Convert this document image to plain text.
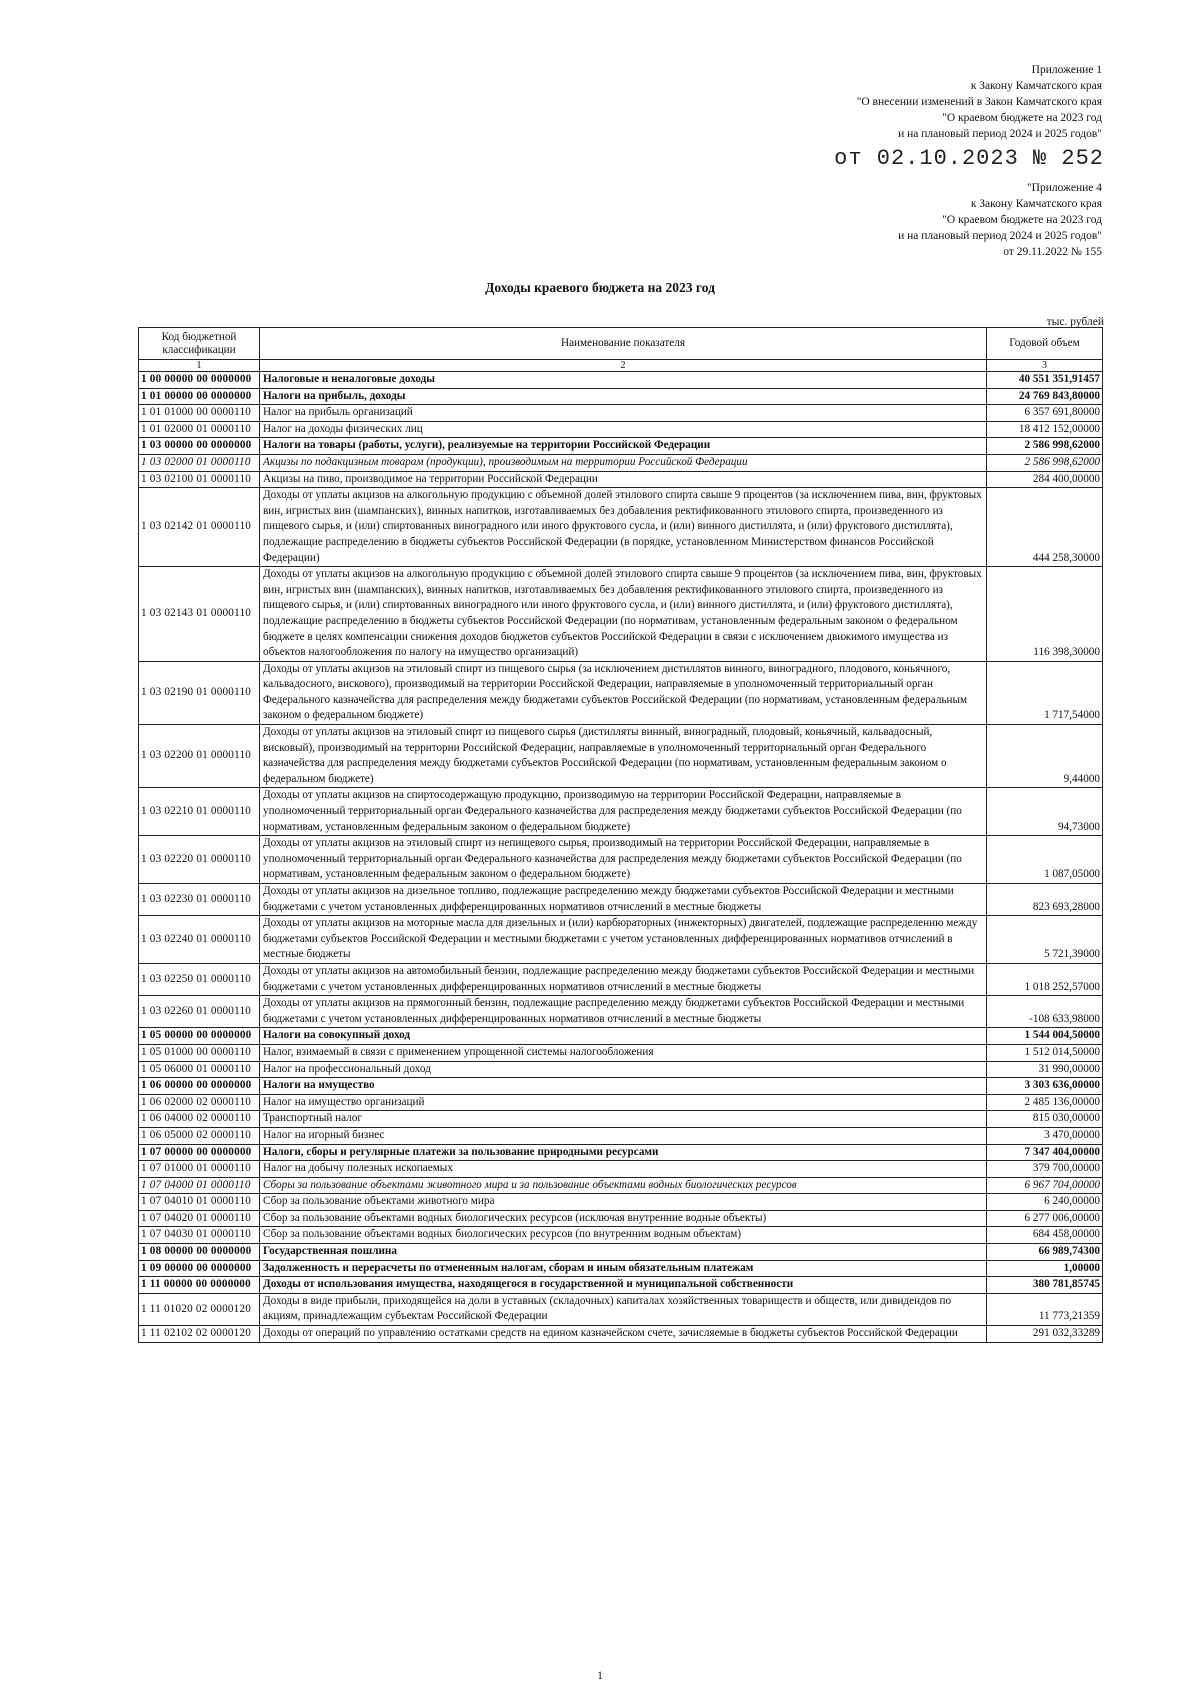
Приложение 1
к Закону Камчатского края
"О внесении изменений в Закон Камчатского края
"О краевом бюджете на 2023 год
и на плановый период 2024 и 2025 годов"
от 02.10.2023 № 252
"Приложение 4
к Закону Камчатского края
"О краевом бюджете на 2023 год
и на плановый период 2024 и 2025 годов"
от 29.11.2022 № 155
Доходы краевого бюджета на 2023 год
тыс. рублей
Код бюджетной классификации	Наименование показателя	Годовой объем
1	2	3
1 00 00000 00 0000000	Налоговые и неналоговые доходы	40 551 351,91457
1 01 00000 00 0000000	Налоги на прибыль, доходы	24 769 843,80000
1 01 01000 00 0000110	Налог на прибыль организаций	6 357 691,80000
1 01 02000 01 0000110	Налог на доходы физических лиц	18 412 152,00000
1 03 00000 00 0000000	Налоги на товары (работы, услуги), реализуемые на территории Российской Федерации	2 586 998,62000
1 03 02000 01 0000110	Акцизы по подакцизным товарам (продукции), производимым на территории Российской Федерации	2 586 998,62000
1 03 02100 01 0000110	Акцизы на пиво, производимое на территории Российской Федерации	284 400,00000
1 03 02142 01 0000110	Доходы от уплаты акцизов на алкогольную продукцию с объемной долей этилового спирта свыше 9 процентов (за исключением пива, вин, фруктовых вин, игристых вин (шампанских), винных напитков, изготавливаемых без добавления ректификованного этилового спирта, произведенного из пищевого сырья, и (или) спиртованных виноградного или иного фруктового сусла, и (или) винного дистиллята, и (или) фруктового дистиллята), подлежащие распределению в бюджеты субъектов Российской Федерации (в порядке, установленном Министерством финансов Российской Федерации)	444 258,30000
1 03 02143 01 0000110	Доходы от уплаты акцизов на алкогольную продукцию с объемной долей этилового спирта свыше 9 процентов (за исключением пива, вин, фруктовых вин, игристых вин (шампанских), винных напитков, изготавливаемых без добавления ректификованного этилового спирта, произведенного из пищевого сырья, и (или) спиртованных виноградного или иного фруктового сусла, и (или) винного дистиллята, и (или) фруктового дистиллята), подлежащие распределению в бюджеты субъектов Российской Федерации (по нормативам, установленным федеральным законом о федеральном бюджете в целях компенсации снижения доходов бюджетов субъектов Российской Федерации в связи с исключением движимого имущества из объектов налогообложения по налогу на имущество организаций)	116 398,30000
1 03 02190 01 0000110	Доходы от уплаты акцизов на этиловый спирт из пищевого сырья (за исключением дистиллятов винного, виноградного, плодового, коньячного, кальвадосного, вискового), производимый на территории Российской Федерации, направляемые в уполномоченный территориальный орган Федерального казначейства для распределения между бюджетами субъектов Российской Федерации (по нормативам, установленным федеральным законом о федеральном бюджете)	1 717,54000
1 03 02200 01 0000110	Доходы от уплаты акцизов на этиловый спирт из пищевого сырья (дистилляты винный, виноградный, плодовый, коньячный, кальвадосный, висковый), производимый на территории Российской Федерации, направляемые в уполномоченный территориальный орган Федерального казначейства для распределения между бюджетами субъектов Российской Федерации (по нормативам, установленным федеральным законом о федеральном бюджете)	9,44000
1 03 02210 01 0000110	Доходы от уплаты акцизов на спиртосодержащую продукцию, производимую на территории Российской Федерации, направляемые в уполномоченный территориальный орган Федерального казначейства для распределения между бюджетами субъектов Российской Федерации (по нормативам, установленным федеральным законом о федеральном бюджете)	94,73000
1 03 02220 01 0000110	Доходы от уплаты акцизов на этиловый спирт из непищевого сырья, производимый на территории Российской Федерации, направляемые в уполномоченный территориальный орган Федерального казначейства для распределения между бюджетами субъектов Российской Федерации (по нормативам, установленным федеральным законом о федеральном бюджете)	1 087,05000
1 03 02230 01 0000110	Доходы от уплаты акцизов на дизельное топливо, подлежащие распределению между бюджетами субъектов Российской Федерации и местными бюджетами с учетом установленных дифференцированных нормативов отчислений в местные бюджеты	823 693,28000
1 03 02240 01 0000110	Доходы от уплаты акцизов на моторные масла для дизельных и (или) карбюраторных (инжекторных) двигателей, подлежащие распределению между бюджетами субъектов Российской Федерации и местными бюджетами с учетом установленных дифференцированных нормативов отчислений в местные бюджеты	5 721,39000
1 03 02250 01 0000110	Доходы от уплаты акцизов на автомобильный бензин, подлежащие распределению между бюджетами субъектов Российской Федерации и местными бюджетами с учетом установленных дифференцированных нормативов отчислений в местные бюджеты	1 018 252,57000
1 03 02260 01 0000110	Доходы от уплаты акцизов на прямогонный бензин, подлежащие распределению между бюджетами субъектов Российской Федерации и местными бюджетами с учетом установленных дифференцированных нормативов отчислений в местные бюджеты	-108 633,98000
1 05 00000 00 0000000	Налоги на совокупный доход	1 544 004,50000
1 05 01000 00 0000110	Налог, взимаемый в связи с применением упрощенной системы налогообложения	1 512 014,50000
1 05 06000 01 0000110	Налог на профессиональный доход	31 990,00000
1 06 00000 00 0000000	Налоги на имущество	3 303 636,00000
1 06 02000 02 0000110	Налог на имущество организаций	2 485 136,00000
1 06 04000 02 0000110	Транспортный налог	815 030,00000
1 06 05000 02 0000110	Налог на игорный бизнес	3 470,00000
1 07 00000 00 0000000	Налоги, сборы и регулярные платежи за пользование природными ресурсами	7 347 404,00000
1 07 01000 01 0000110	Налог на добычу полезных ископаемых	379 700,00000
1 07 04000 01 0000110	Сборы за пользование объектами животного мира и за пользование объектами водных биологических ресурсов	6 967 704,00000
1 07 04010 01 0000110	Сбор за пользование объектами животного мира	6 240,00000
1 07 04020 01 0000110	Сбор за пользование объектами водных биологических ресурсов (исключая внутренние водные объекты)	6 277 006,00000
1 07 04030 01 0000110	Сбор за пользование объектами водных биологических ресурсов (по внутренним водным объектам)	684 458,00000
1 08 00000 00 0000000	Государственная пошлина	66 989,74300
1 09 00000 00 0000000	Задолженность и перерасчеты по отмененным налогам, сборам и иным обязательным платежам	1,00000
1 11 00000 00 0000000	Доходы от использования имущества, находящегося в государственной и муниципальной собственности	380 781,85745
1 11 01020 02 0000120	Доходы в виде прибыли, приходящейся на доли в уставных (складочных) капиталах хозяйственных товариществ и обществ, или дивидендов по акциям, принадлежащим субъектам Российской Федерации	11 773,21359
1 11 02102 02 0000120	Доходы от операций по управлению остатками средств на едином казначейском счете, зачисляемые в бюджеты субъектов Российской Федерации	291 032,33289
1
